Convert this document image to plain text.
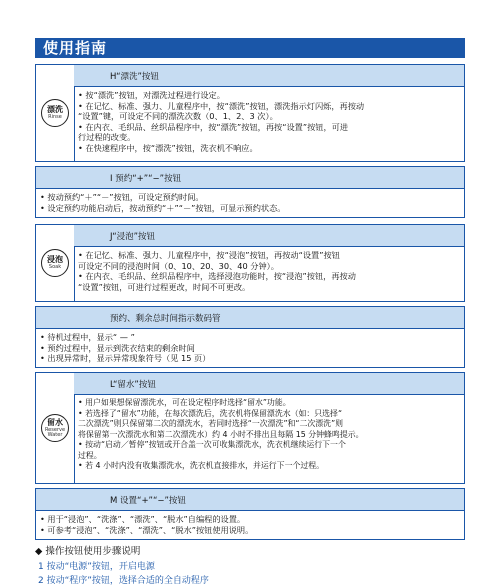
使用指南
漂洗
Rinse
H“漂洗”按钮
• 按“漂洗”按钮，对漂洗过程进行设定。
• 在记忆、标准、强力、儿童程序中，按“漂洗”按钮，漂洗指示灯闪烁，再按动
“设置”键，可设定不同的漂洗次数（0、1、2、3 次）。
• 在内衣、毛织品、丝织品程序中，按“漂洗”按钮，再按“设置”按钮，可进
行过程的改变。
• 在快速程序中，按“漂洗”按钮，洗衣机不响应。
I 预约“+”“−”按钮
• 按动预约“＋”“－”按钮，可设定预约时间。
• 设定预约功能启动后，按动预约“＋”“－”按钮，可显示预约状态。
浸泡
Soak
J“浸泡”按钮
• 在记忆、标准、强力、儿童程序中，按“浸泡”按钮，再按动“设置”按钮
可设定不同的浸泡时间（0、10、20、30、40 分钟）。
• 在内衣、毛织品、丝织品程序中，选择浸泡功能时，按“浸泡”按钮，再按动
“设置”按钮，可进行过程更改，时间不可更改。
预约、剩余总时间指示数码管
• 待机过程中，显示“ — ”
• 预约过程中，显示到洗衣结束的剩余时间
• 出现异常时，显示异常现象符号（见 15 页）
留水
Reserve Water
L“留水”按钮
• 用户如果想保留漂洗水，可在设定程序时选择“留水”功能。
• 若选择了“留水”功能，在每次漂洗后，洗衣机将保留漂洗水（如：只选择“
二次漂洗”则只保留第二次的漂洗水，若同时选择“一次漂洗”和“二次漂洗”则
将保留第一次漂洗水和第二次漂洗水）约 4 小时不排出且每隔 15 分钟蜂鸣提示。
• 按动“启动／暂停”按钮或开合盖一次可收集漂洗水，洗衣机继续运行下一个
过程。
• 若 4 小时内没有收集漂洗水，洗衣机直接排水，并运行下一个过程。
M 设置“+”“−”按钮
• 用于“浸泡”、“洗涤”、“漂洗”、“脱水”自编程的设置。
• 可参考“浸泡”、“洗涤”、“漂洗”、“脱水”按钮使用说明。
◆ 操作按钮使用步骤说明
1 按动“电源”按钮，开启电源
2 按动“程序”按钮，选择合适的全自动程序
